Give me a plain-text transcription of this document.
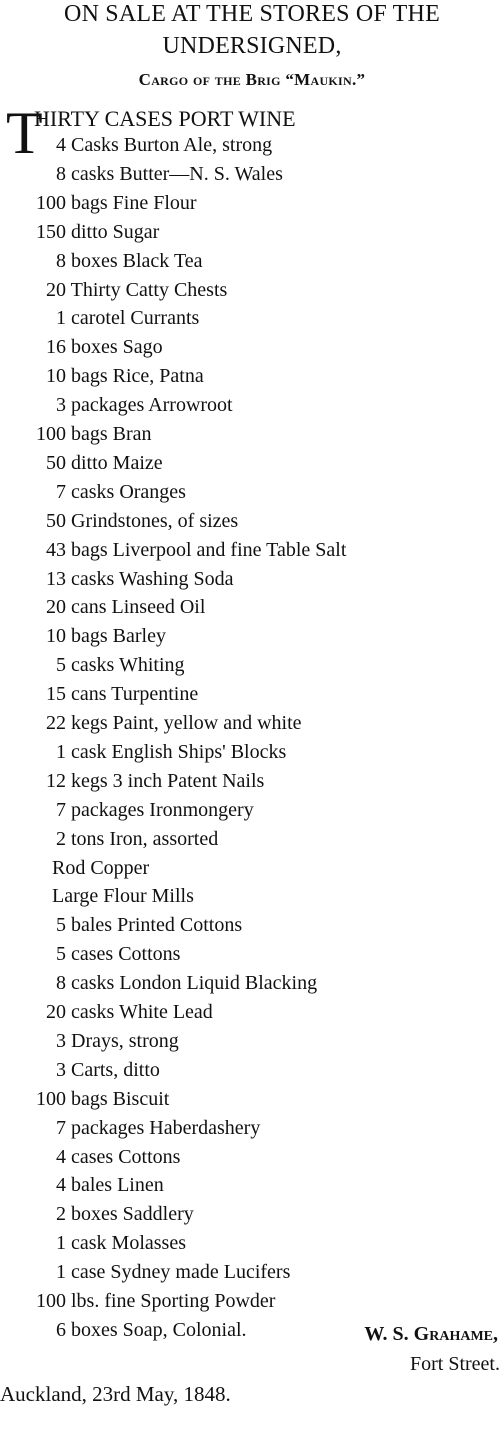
ON SALE AT THE STORES OF THE
UNDERSIGNED,
Cargo of the Brig “Maukin.”
T
HIRTY CASES PORT WINE
4 Casks Burton Ale, strong
8 casks Butter—N. S. Wales
100 bags Fine Flour
150 ditto Sugar
8 boxes Black Tea
20 Thirty Catty Chests
1 carotel Currants
16 boxes Sago
10 bags Rice, Patna
3 packages Arrowroot
100 bags Bran
50 ditto Maize
7 casks Oranges
50 Grindstones, of sizes
43 bags Liverpool and fine Table Salt
13 casks Washing Soda
20 cans Linseed Oil
10 bags Barley
5 casks Whiting
15 cans Turpentine
22 kegs Paint, yellow and white
1 cask English Ships' Blocks
12 kegs 3 inch Patent Nails
7 packages Ironmongery
2 tons Iron, assorted
Rod Copper
Large Flour Mills
5 bales Printed Cottons
5 cases Cottons
8 casks London Liquid Blacking
20 casks White Lead
3 Drays, strong
3 Carts, ditto
100 bags Biscuit
7 packages Haberdashery
4 cases Cottons
4 bales Linen
2 boxes Saddlery
1 cask Molasses
1 case Sydney made Lucifers
100 lbs. fine Sporting Powder
6 boxes Soap, Colonial.	W. S. Grahame,
Fort Street.
Auckland, 23rd May, 1848.
